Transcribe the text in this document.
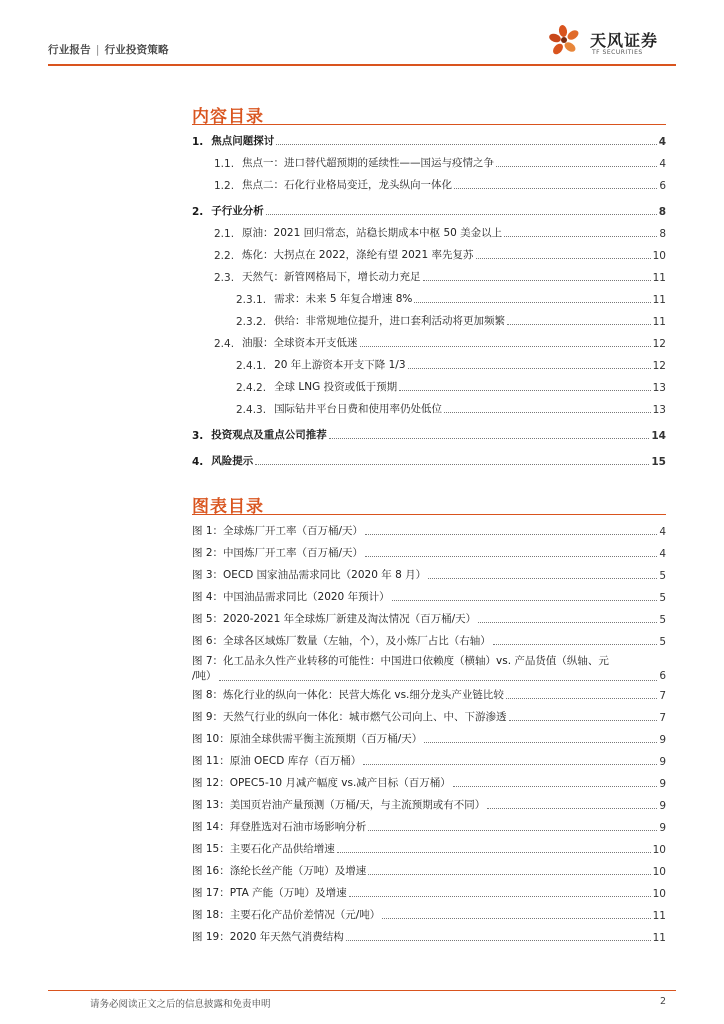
行业报告 | 行业投资策略	天风证券
TF SECURITIES
内容目录
1. 焦点问题探讨	4
1.1. 焦点一：进口替代超预期的延续性——国运与疫情之争	4
1.2. 焦点二：石化行业格局变迁，龙头纵向一体化	6
2. 子行业分析	8
2.1. 原油：2021 回归常态，站稳长期成本中枢 50 美金以上	8
2.2. 炼化：大拐点在 2022，涤纶有望 2021 率先复苏	10
2.3. 天然气：新管网格局下，增长动力充足	11
2.3.1. 需求：未来 5 年复合增速 8%	11
2.3.2. 供给：非常规地位提升，进口套利活动将更加频繁	11
2.4. 油服：全球资本开支低迷	12
2.4.1. 20 年上游资本开支下降 1/3	12
2.4.2. 全球 LNG 投资或低于预期	13
2.4.3. 国际钻井平台日费和使用率仍处低位	13
3. 投资观点及重点公司推荐	14
4. 风险提示	15
图表目录
图 1：全球炼厂开工率（百万桶/天）	4
图 2：中国炼厂开工率（百万桶/天）	4
图 3：OECD 国家油品需求同比（2020 年 8 月）	5
图 4：中国油品需求同比（2020 年预计）	5
图 5：2020-2021 年全球炼厂新建及淘汰情况（百万桶/天）	5
图 6：全球各区域炼厂数量（左轴，个），及小炼厂占比（右轴）	5
图 7：化工品永久性产业转移的可能性：中国进口依赖度（横轴）vs. 产品货值（纵轴、元
/吨）	6
图 8：炼化行业的纵向一体化：民营大炼化 vs.细分龙头产业链比较	7
图 9：天然气行业的纵向一体化：城市燃气公司向上、中、下游渗透	7
图 10：原油全球供需平衡主流预期（百万桶/天）	9
图 11：原油 OECD 库存（百万桶）	9
图 12：OPEC5-10 月减产幅度 vs.减产目标（百万桶）	9
图 13：美国页岩油产量预测（万桶/天，与主流预期或有不同）	9
图 14：拜登胜选对石油市场影响分析	9
图 15：主要石化产品供给增速	10
图 16：涤纶长丝产能（万吨）及增速	10
图 17：PTA 产能（万吨）及增速	10
图 18：主要石化产品价差情况（元/吨）	11
图 19：2020 年天然气消费结构	11
请务必阅读正文之后的信息披露和免责申明	2
